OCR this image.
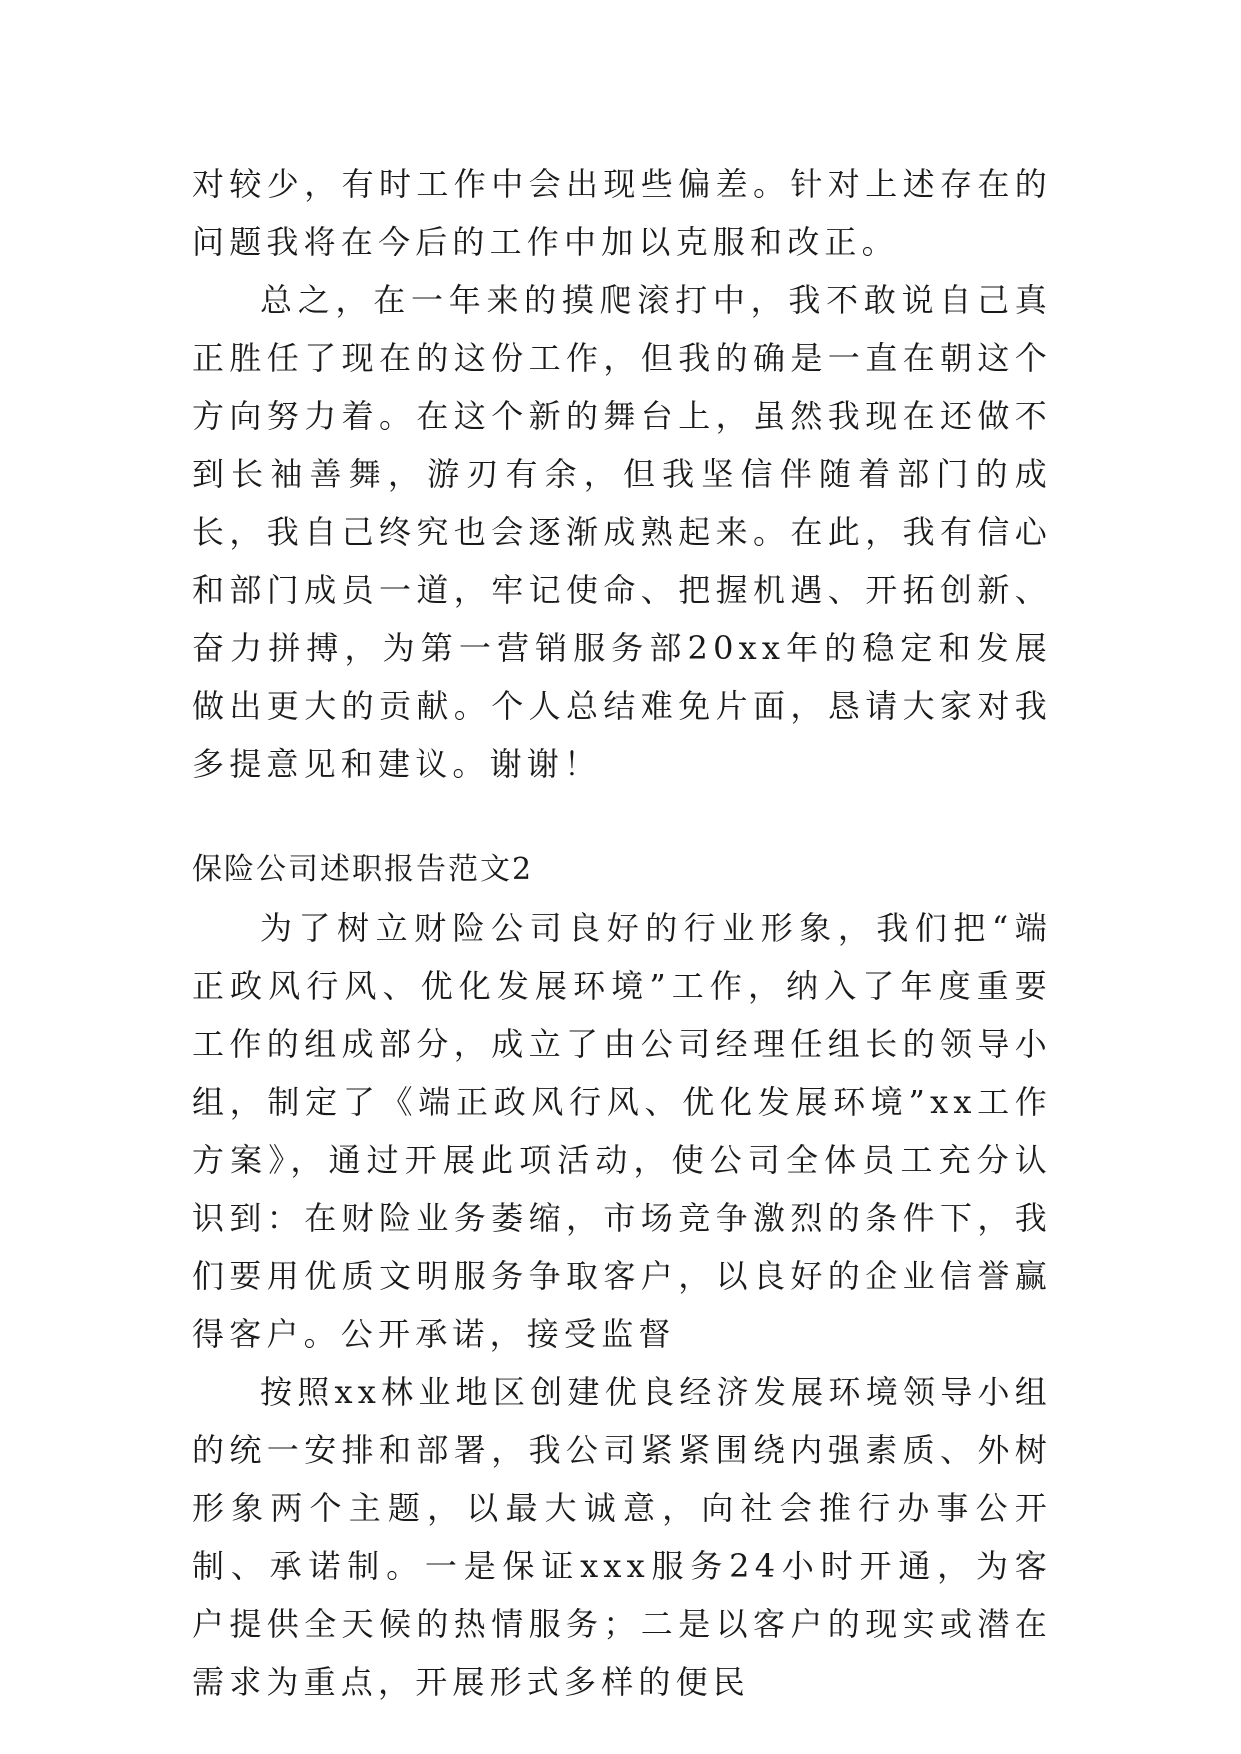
对较少，有时工作中会出现些偏差。针对上述存在的问题我将在今后的工作中加以克服和改正。

总之，在一年来的摸爬滚打中，我不敢说自己真正胜任了现在的这份工作，但我的确是一直在朝这个方向努力着。在这个新的舞台上，虽然我现在还做不到长袖善舞，游刃有余，但我坚信伴随着部门的成长，我自己终究也会逐渐成熟起来。在此，我有信心和部门成员一道，牢记使命、把握机遇、开拓创新、奋力拼搏，为第一营销服务部20xx年的稳定和发展做出更大的贡献。个人总结难免片面，恳请大家对我多提意见和建议。谢谢！

保险公司述职报告范文2

为了树立财险公司良好的行业形象，我们把“端正政风行风、优化发展环境”工作，纳入了年度重要工作的组成部分，成立了由公司经理任组长的领导小组，制定了《端正政风行风、优化发展环境”xx工作方案》，通过开展此项活动，使公司全体员工充分认识到：在财险业务萎缩，市场竞争激烈的条件下，我们要用优质文明服务争取客户，以良好的企业信誉赢得客户。公开承诺，接受监督

按照xx林业地区创建优良经济发展环境领导小组的统一安排和部署，我公司紧紧围绕内强素质、外树形象两个主题，以最大诚意，向社会推行办事公开制、承诺制。一是保证xxx服务24小时开通，为客户提供全天候的热情服务；二是以客户的现实或潜在需求为重点，开展形式多样的便民
